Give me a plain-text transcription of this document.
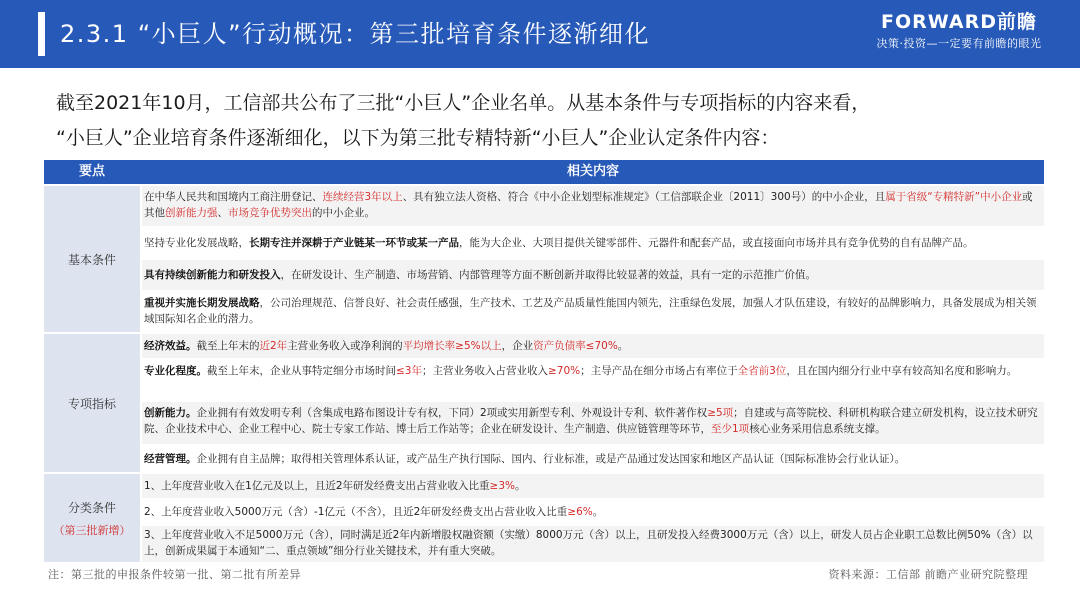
2.3.1 “小巨人”行动概况：第三批培育条件逐渐细化	FORWARD前瞻
决策·投资—一定要有前瞻的眼光

截至2021年10月，工信部共公布了三批“小巨人”企业名单。从基本条件与专项指标的内容来看，

“小巨人”企业培育条件逐渐细化，以下为第三批专精特新“小巨人”企业认定条件内容：

要点	相关内容
基本条件
在中华人民共和国境内工商注册登记、连续经营3年以上、具有独立法人资格、符合《中小企业划型标准规定》（工信部联企业〔2011〕300号）的中小企业，且属于省级“专精特新”中小企业或其他创新能力强、市场竞争优势突出的中小企业。
坚持专业化发展战略，长期专注并深耕于产业链某一环节或某一产品，能为大企业、大项目提供关键零部件、元器件和配套产品，或直接面向市场并具有竞争优势的自有品牌产品。
具有持续创新能力和研发投入，在研发设计、生产制造、市场营销、内部管理等方面不断创新并取得比较显著的效益，具有一定的示范推广价值。
重视并实施长期发展战略，公司治理规范、信誉良好、社会责任感强，生产技术、工艺及产品质量性能国内领先，注重绿色发展，加强人才队伍建设，有较好的品牌影响力，具备发展成为相关领域国际知名企业的潜力。
专项指标
经济效益。截至上年末的近2年主营业务收入或净利润的平均增长率≥5%以上，企业资产负债率≤70%。
专业化程度。截至上年末，企业从事特定细分市场时间≤3年；主营业务收入占营业收入≥70%；主导产品在细分市场占有率位于全省前3位，且在国内细分行业中享有较高知名度和影响力。
创新能力。企业拥有有效发明专利（含集成电路布图设计专有权，下同）2项或实用新型专利、外观设计专利、软件著作权≥5项；自建或与高等院校、科研机构联合建立研发机构，设立技术研究院、企业技术中心、企业工程中心、院士专家工作站、博士后工作站等；企业在研发设计、生产制造、供应链管理等环节，至少1项核心业务采用信息系统支撑。
经营管理。企业拥有自主品牌；取得相关管理体系认证，或产品生产执行国际、国内、行业标准，或是产品通过发达国家和地区产品认证（国际标准协会行业认证）。
分类条件
（第三批新增）
1、上年度营业收入在1亿元及以上，且近2年研发经费支出占营业收入比重≥3%。
2、上年度营业收入5000万元（含）-1亿元（不含），且近2年研发经费支出占营业收入比重≥6%。
3、上年度营业收入不足5000万元（含），同时满足近2年内新增股权融资额（实缴）8000万元（含）以上，且研发投入经费3000万元（含）以上，研发人员占企业职工总数比例50%（含）以上，创新成果属于本通知“二、重点领域”细分行业关键技术，并有重大突破。
注：第三批的申报条件较第一批、第二批有所差异	资料来源：工信部 前瞻产业研究院整理
